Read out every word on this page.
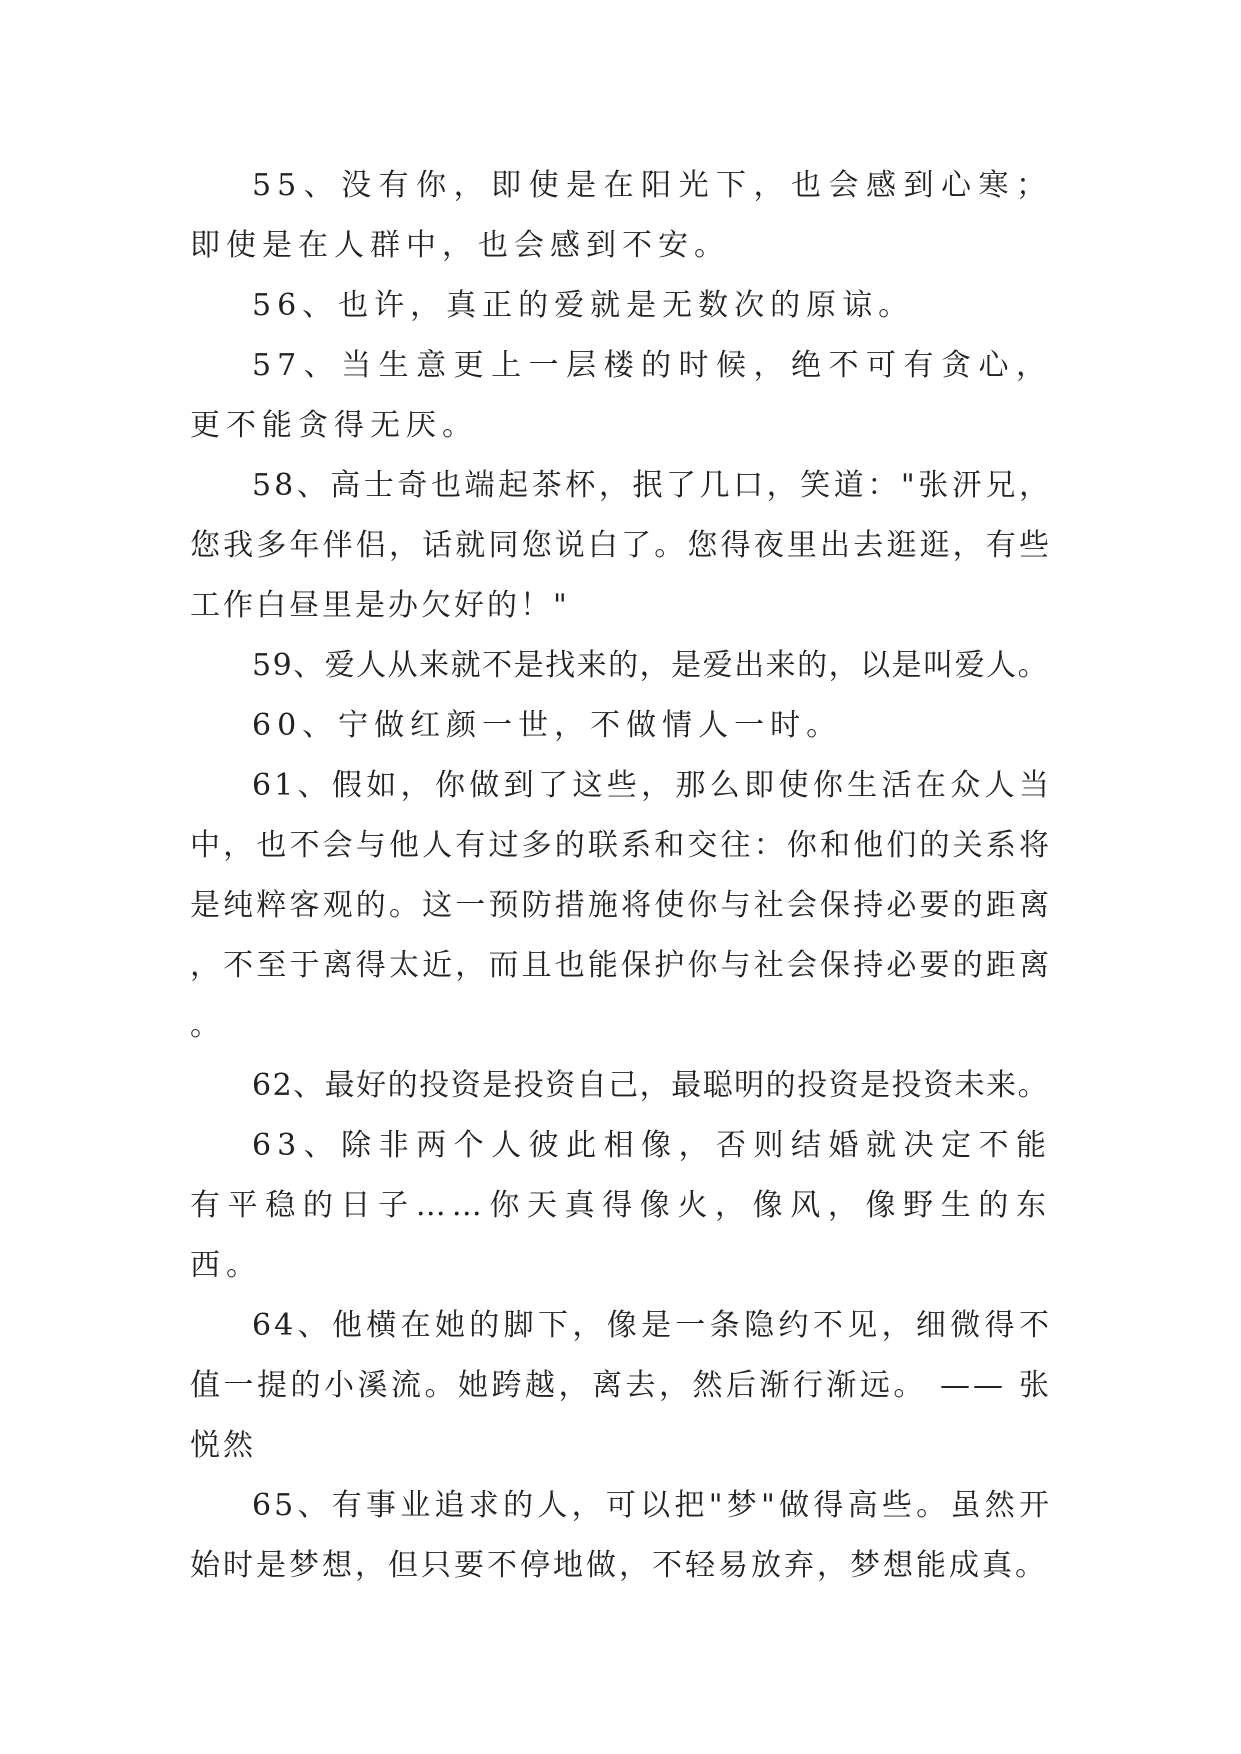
55、没有你，即使是在阳光下，也会感到心寒；即使是在人群中，也会感到不安。

56、也许，真正的爱就是无数次的原谅。

57、当生意更上一层楼的时候，绝不可有贪心，更不能贪得无厌。

58、高士奇也端起茶杯，抿了几口，笑道："张汧兄，您我多年伴侣，话就同您说白了。您得夜里出去逛逛，有些工作白昼里是办欠好的！"

59、爱人从来就不是找来的，是爱出来的，以是叫爱人。

60、宁做红颜一世，不做情人一时。

61、假如，你做到了这些，那么即使你生活在众人当中，也不会与他人有过多的联系和交往：你和他们的关系将是纯粹客观的。这一预防措施将使你与社会保持必要的距离，不至于离得太近，而且也能保护你与社会保持必要的距离。

62、最好的投资是投资自己，最聪明的投资是投资未来。

63、除非两个人彼此相像，否则结婚就决定不能有平稳的日子……你天真得像火，像风，像野生的东西。

64、他横在她的脚下，像是一条隐约不见，细微得不值一提的小溪流。她跨越，离去，然后渐行渐远。 —— 张悦然

65、有事业追求的人，可以把"梦"做得高些。虽然开始时是梦想，但只要不停地做，不轻易放弃，梦想能成真。
